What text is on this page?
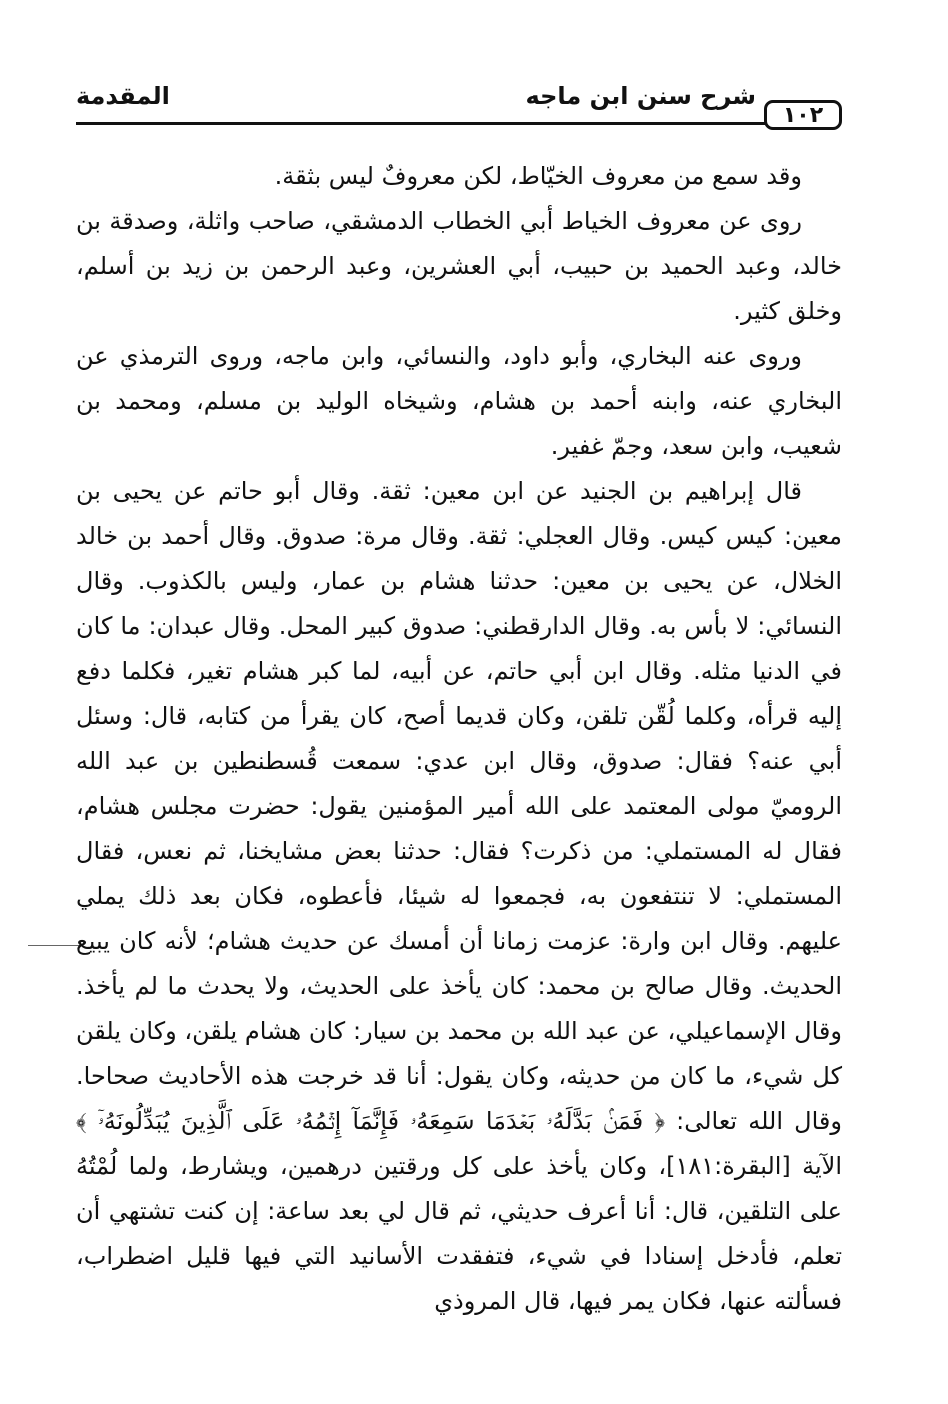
١٠٢
شرح سنن ابن ماجه
المقدمة

وقد سمع من معروف الخيّاط، لكن معروفٌ ليس بثقة.

روى عن معروف الخياط أبي الخطاب الدمشقي، صاحب واثلة، وصدقة بن خالد، وعبد الحميد بن حبيب، أبي العشرين، وعبد الرحمن بن زيد بن أسلم، وخلق كثير.

وروى عنه البخاري، وأبو داود، والنسائي، وابن ماجه، وروى الترمذي عن البخاري عنه، وابنه أحمد بن هشام، وشيخاه الوليد بن مسلم، ومحمد بن شعيب، وابن سعد، وجمّ غفير.

قال إبراهيم بن الجنيد عن ابن معين: ثقة. وقال أبو حاتم عن يحيى بن معين: كيس كيس. وقال العجلي: ثقة. وقال مرة: صدوق. وقال أحمد بن خالد الخلال، عن يحيى بن معين: حدثنا هشام بن عمار، وليس بالكذوب. وقال النسائي: لا بأس به. وقال الدارقطني: صدوق كبير المحل. وقال عبدان: ما كان في الدنيا مثله. وقال ابن أبي حاتم، عن أبيه، لما كبر هشام تغير، فكلما دفع إليه قرأه، وكلما لُقّن تلقن، وكان قديما أصح، كان يقرأ من كتابه، قال: وسئل أبي عنه؟ فقال: صدوق، وقال ابن عدي: سمعت قُسطنطين بن عبد الله الروميّ مولى المعتمد على الله أمير المؤمنين يقول: حضرت مجلس هشام، فقال له المستملي: من ذكرت؟ فقال: حدثنا بعض مشايخنا، ثم نعس، فقال المستملي: لا تنتفعون به، فجمعوا له شيئا، فأعطوه، فكان بعد ذلك يملي عليهم. وقال ابن وارة: عزمت زمانا أن أمسك عن حديث هشام؛ لأنه كان يبيع الحديث. وقال صالح بن محمد: كان يأخذ على الحديث، ولا يحدث ما لم يأخذ. وقال الإسماعيلي، عن عبد الله بن محمد بن سيار: كان هشام يلقن، وكان يلقن كل شيء، ما كان من حديثه، وكان يقول: أنا قد خرجت هذه الأحاديث صحاحا. وقال الله تعالى: ﴿ فَمَنۢ بَدَّلَهُۥ بَعۡدَمَا سَمِعَهُۥ فَإِنَّمَآ إِثۡمُهُۥ عَلَى ٱلَّذِينَ يُبَدِّلُونَهُۥٓ ﴾ الآية [البقرة:١٨١]، وكان يأخذ على كل ورقتين درهمين، ويشارط، ولما لُمْتُهُ على التلقين، قال: أنا أعرف حديثي، ثم قال لي بعد ساعة: إن كنت تشتهي أن تعلم، فأدخل إسنادا في شيء، فتفقدت الأسانيد التي فيها قليل اضطراب، فسألته عنها، فكان يمر فيها، قال المروذي
